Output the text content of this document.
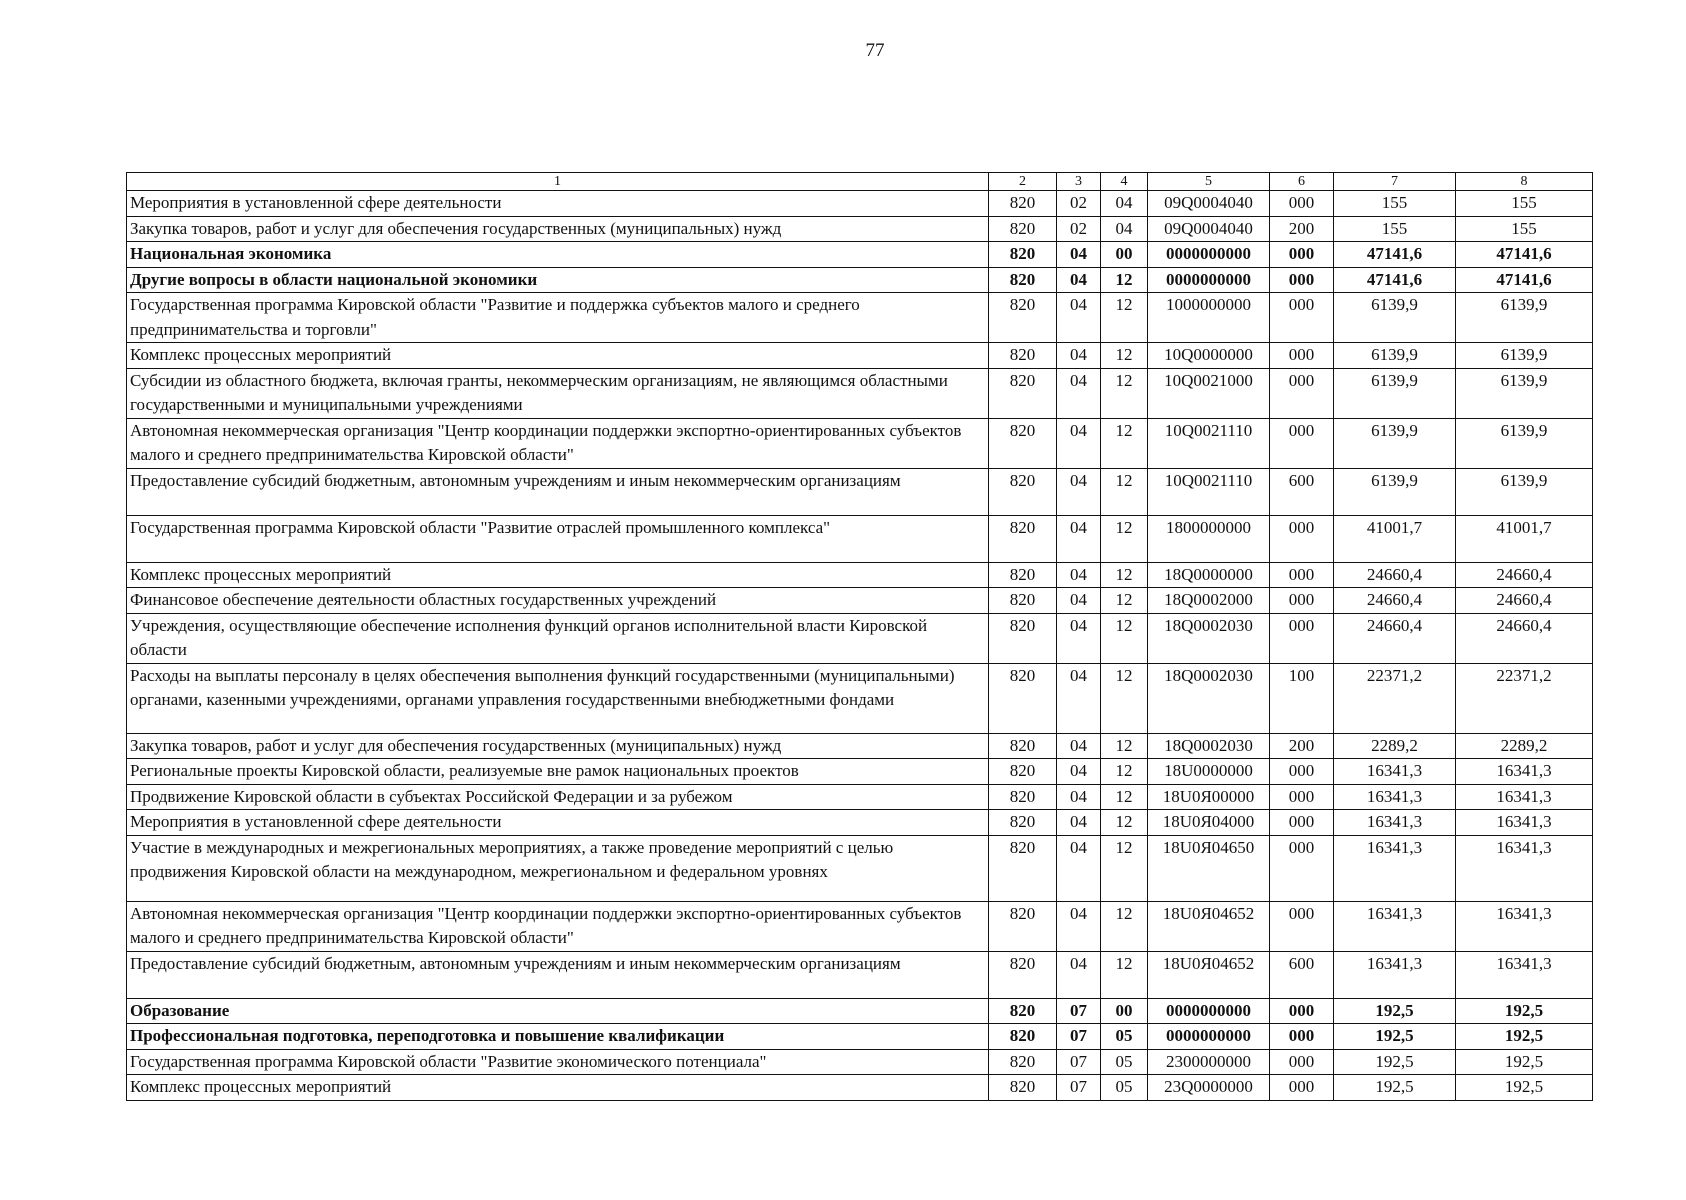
77
1	2	3	4	5	6	7	8
Мероприятия в установленной сфере деятельности	820	02	04	09Q0004040	000	155	155
Закупка товаров, работ и услуг для обеспечения государственных (муниципальных) нужд	820	02	04	09Q0004040	200	155	155
Национальная экономика	820	04	00	0000000000	000	47141,6	47141,6
Другие вопросы в области национальной экономики	820	04	12	0000000000	000	47141,6	47141,6
Государственная программа Кировской области "Развитие и поддержка субъектов малого и среднего предпринимательства и торговли"	820	04	12	1000000000	000	6139,9	6139,9
Комплекс процессных мероприятий	820	04	12	10Q0000000	000	6139,9	6139,9
Субсидии из областного бюджета, включая гранты, некоммерческим организациям, не являющимся областными государственными и муниципальными учреждениями	820	04	12	10Q0021000	000	6139,9	6139,9
Автономная некоммерческая организация "Центр координации поддержки экспортно-ориентированных субъектов малого и среднего предпринимательства Кировской области"	820	04	12	10Q0021110	000	6139,9	6139,9
Предоставление субсидий бюджетным, автономным учреждениям и иным некоммерческим организациям	820	04	12	10Q0021110	600	6139,9	6139,9
Государственная программа Кировской области "Развитие отраслей промышленного комплекса"	820	04	12	1800000000	000	41001,7	41001,7
Комплекс процессных мероприятий	820	04	12	18Q0000000	000	24660,4	24660,4
Финансовое обеспечение деятельности областных государственных учреждений	820	04	12	18Q0002000	000	24660,4	24660,4
Учреждения, осуществляющие обеспечение исполнения функций органов исполнительной власти Кировской области	820	04	12	18Q0002030	000	24660,4	24660,4
Расходы на выплаты персоналу в целях обеспечения выполнения функций государственными (муниципальными) органами, казенными учреждениями, органами управления государственными внебюджетными фондами	820	04	12	18Q0002030	100	22371,2	22371,2
Закупка товаров, работ и услуг для обеспечения государственных (муниципальных) нужд	820	04	12	18Q0002030	200	2289,2	2289,2
Региональные проекты Кировской области, реализуемые вне рамок национальных проектов	820	04	12	18U0000000	000	16341,3	16341,3
Продвижение Кировской области в субъектах Российской Федерации и за рубежом	820	04	12	18U0Я00000	000	16341,3	16341,3
Мероприятия в установленной сфере деятельности	820	04	12	18U0Я04000	000	16341,3	16341,3
Участие в международных и межрегиональных мероприятиях, а также проведение мероприятий с целью продвижения Кировской области на международном, межрегиональном и федеральном уровнях	820	04	12	18U0Я04650	000	16341,3	16341,3
Автономная некоммерческая организация "Центр координации поддержки экспортно-ориентированных субъектов малого и среднего предпринимательства Кировской области"	820	04	12	18U0Я04652	000	16341,3	16341,3
Предоставление субсидий бюджетным, автономным учреждениям и иным некоммерческим организациям	820	04	12	18U0Я04652	600	16341,3	16341,3
Образование	820	07	00	0000000000	000	192,5	192,5
Профессиональная подготовка, переподготовка и повышение квалификации	820	07	05	0000000000	000	192,5	192,5
Государственная программа Кировской области "Развитие экономического потенциала"	820	07	05	2300000000	000	192,5	192,5
Комплекс процессных мероприятий	820	07	05	23Q0000000	000	192,5	192,5
